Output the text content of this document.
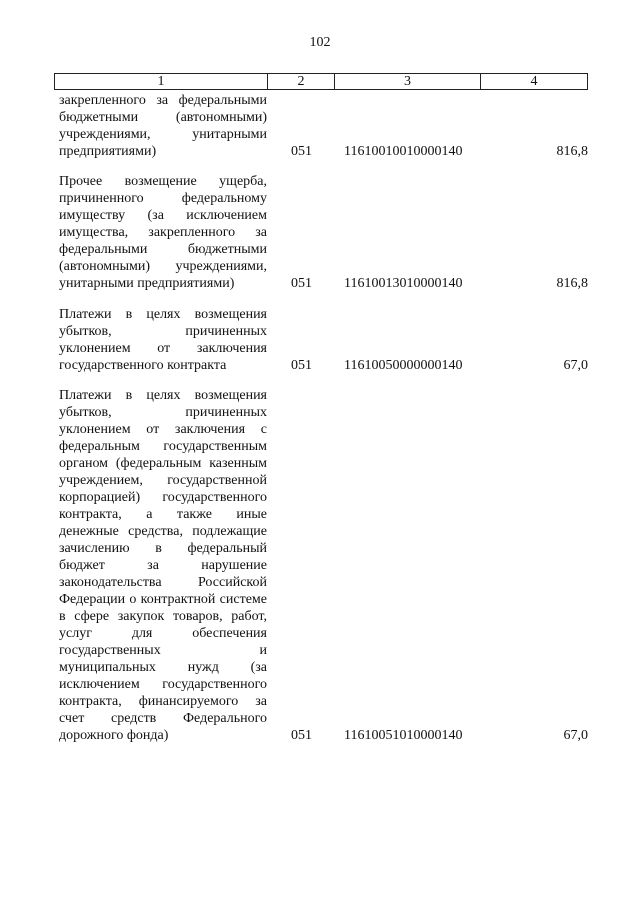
102
1	2	3	4
закрепленного за федеральными бюджетными (автономными) учреждениями, унитарными предприятиями)	051 11610010010000140	816,8
Прочее возмещение ущерба, причиненного федеральному имуществу (за исключением имущества, закрепленного за федеральными бюджетными (автономными) учреждениями, унитарными предприятиями)	051 11610013010000140	816,8
Платежи в целях возмещения убытков, причиненных уклонением от заключения государственного контракта	051 11610050000000140	67,0
Платежи в целях возмещения убытков, причиненных уклонением от заключения с федеральным государственным органом (федеральным казенным учреждением, государственной корпорацией) государственного контракта, а также иные денежные средства, подлежащие зачислению в федеральный бюджет за нарушение законодательства Российской Федерации о контрактной системе в сфере закупок товаров, работ, услуг для обеспечения государственных и муниципальных нужд (за исключением государственного контракта, финансируемого за счет средств Федерального дорожного фонда)	051 11610051010000140	67,0
